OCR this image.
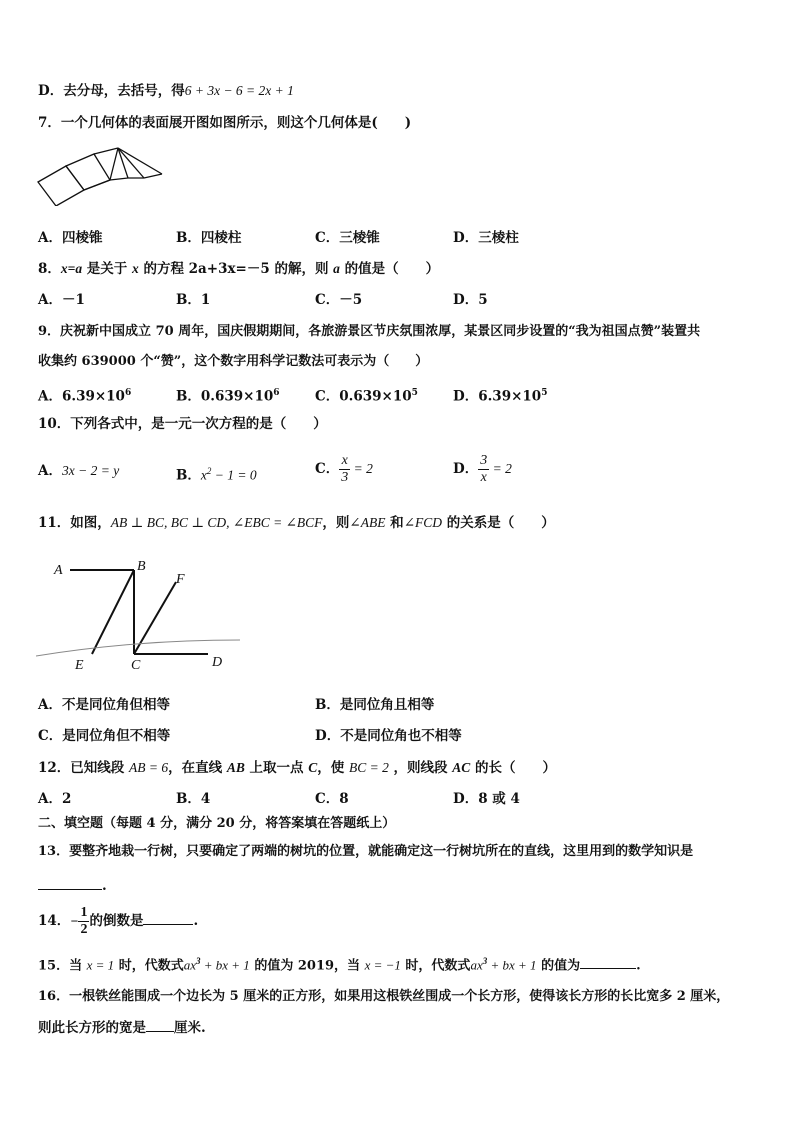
D．去分母，去括号，得6 + 3x − 6 = 2x + 1
7．一个几何体的表面展开图如图所示，则这个几何体是(　　)
A．四棱锥	B．四棱柱	C．三棱锥	D．三棱柱
8．x=a 是关于 x 的方程 2a+3x=－5 的解，则 a 的值是（　　）
A．－1	B．1	C．－5	D．5
9．庆祝新中国成立 70 周年，国庆假期期间，各旅游景区节庆氛围浓厚，某景区同步设置的“我为祖国点赞”装置共
收集约 639000 个“赞”，这个数字用科学记数法可表示为（　　）
A．$6.39\times 10^6$	B．$0.639\times 10^6$	C．$0.639\times 10^5$	D．$6.39\times 10^5$
10．下列各式中，是一元一次方程的是（　　）
A．3x − 2 = y	B．$x^2 - 1 = 0$	C． $\frac{x}{3} = 2$	D． $\frac{3}{x} = 2$
11．如图，AB ⊥ BC, BC ⊥ CD, ∠EBC = ∠BCF，则∠ABE 和∠FCD 的关系是（　　）
A	B
F
E	C	D
A．不是同位角但相等	B．是同位角且相等
C．是同位角但不相等	D．不是同位角也不相等
12．已知线段 AB = 6，在直线 AB 上取一点 C，使 BC = 2 ，则线段 AC 的长（　　）
A．2	B．4	C．8	D．8 或 4
二、填空题（每题 4 分，满分 20 分，将答案填在答题纸上）
13．要整齐地栽一行树，只要确定了两端的树坑的位置，就能确定这一行树坑所在的直线，这里用到的数学知识是
.
14．− $\frac{1}{2}$ 的倒数是	.
15．当 x = 1 时，代数式$ax^3$ + bx + 1 的值为 2019，当 x = −1 时，代数式$ax^3$ + bx + 1 的值为	.
16．一根铁丝能围成一个边长为 5 厘米的正方形，如果用这根铁丝围成一个长方形，使得该长方形的长比宽多 2 厘米，
则此长方形的宽是 厘米.
